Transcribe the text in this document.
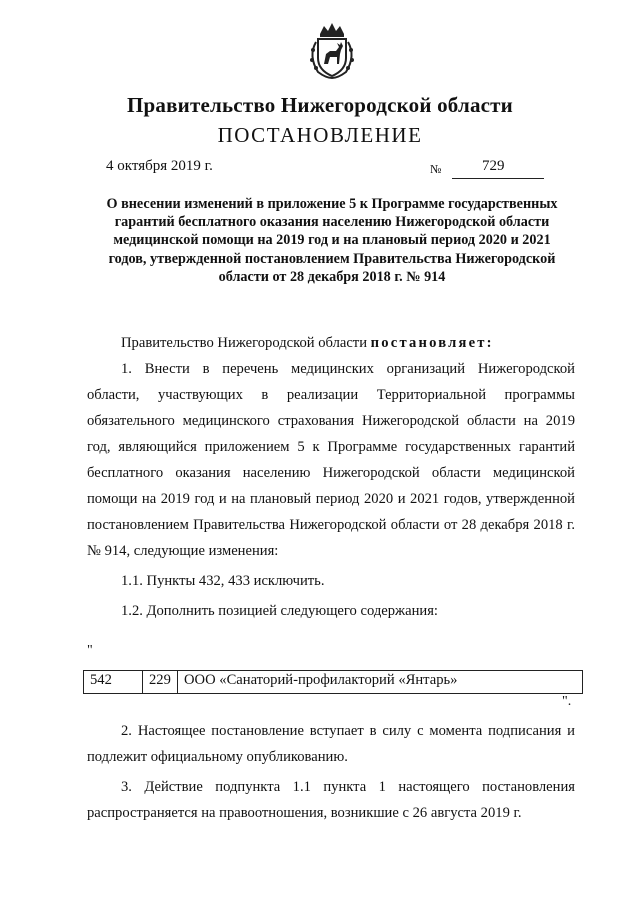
Правительство Нижегородской области
ПОСТАНОВЛЕНИЕ
4 октября 2019 г.	№	729
О внесении изменений в приложение 5 к Программе государственных гарантий бесплатного оказания населению Нижегородской области медицинской помощи на 2019 год и на плановый период 2020 и 2021 годов, утвержденной постановлением Правительства Нижегородской области от 28 декабря 2018 г. № 914

Правительство Нижегородской области постановляет:

1. Внести в перечень медицинских организаций Нижегородской области, участвующих в реализации Территориальной программы обязательного медицинского страхования Нижегородской области на 2019 год, являющийся приложением 5 к Программе государственных гарантий бесплатного оказания населению Нижегородской области медицинской помощи на 2019 год и на плановый период 2020 и 2021 годов, утвержденной постановлением Правительства Нижегородской области от 28 декабря 2018 г. № 914, следующие изменения:

1.1. Пункты 432, 433 исключить.

1.2. Дополнить позицией следующего содержания:

"
542	229	ООО «Санаторий-профилакторий «Янтарь»
".

2. Настоящее постановление вступает в силу с момента подписания и подлежит официальному опубликованию.

3. Действие подпункта 1.1 пункта 1 настоящего постановления распространяется на правоотношения, возникшие с 26 августа 2019 г.
